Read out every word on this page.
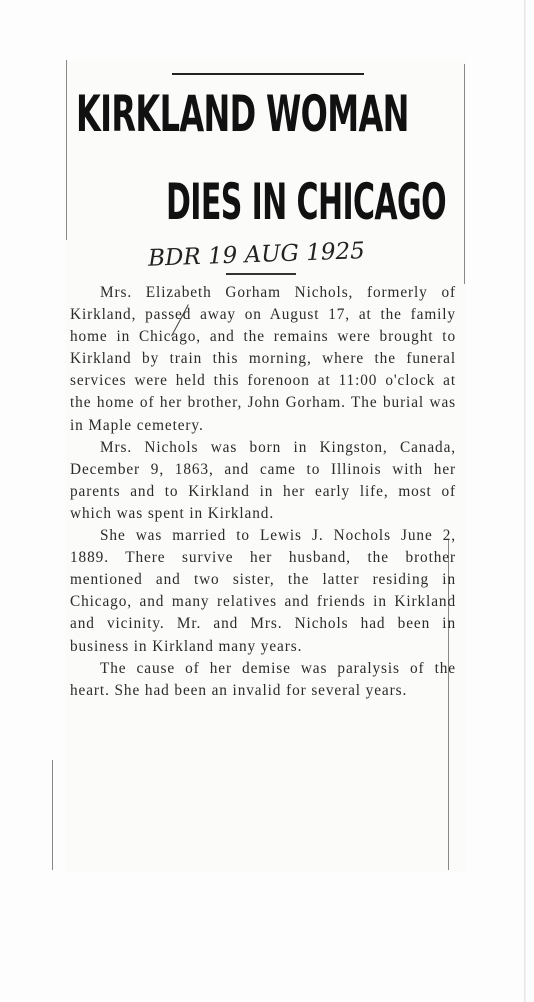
KIRKLAND WOMAN
DIES IN CHICAGO
BDR 19 AUG 1925

Mrs. Elizabeth Gorham Nichols, formerly of Kirkland, passed away on August 17, at the family home in Chicago, and the remains were brought to Kirkland by train this morning, where the funeral services were held this forenoon at 11:00 o'clock at the home of her brother, John Gorham. The burial was in Maple cemetery.

Mrs. Nichols was born in Kingston, Canada, December 9, 1863, and came to Illinois with her parents and to Kirkland in her early life, most of which was spent in Kirkland.

She was married to Lewis J. Nochols June 2, 1889. There survive her husband, the brother mentioned and two sister, the latter residing in Chicago, and many relatives and friends in Kirkland and vicinity. Mr. and Mrs. Nichols had been in business in Kirkland many years.

The cause of her demise was paralysis of the heart. She had been an invalid for several years.
